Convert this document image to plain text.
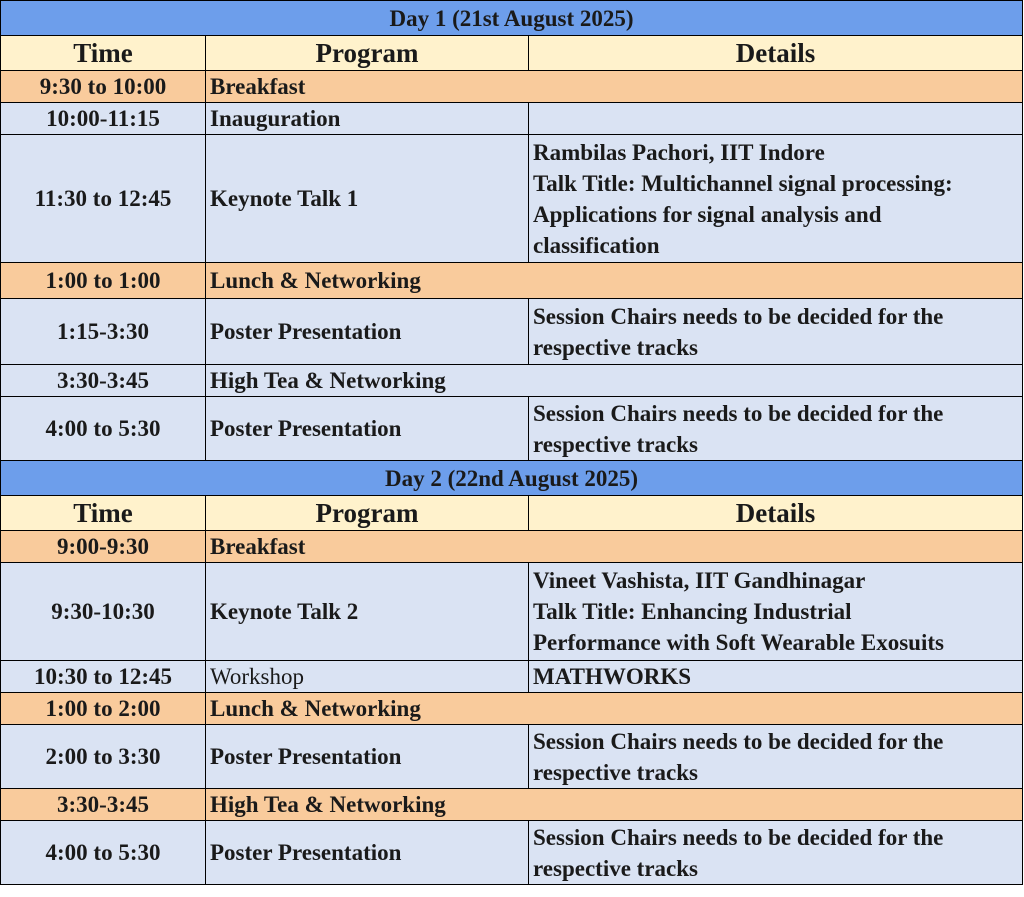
Day 1 (21st August 2025)		
Time	Program	Details
9:30 to 10:00	Breakfast	
10:00-11:15	Inauguration	
11:30 to 12:45	Keynote Talk 1	Rambilas Pachori, IIT Indore
Talk Title: Multichannel signal processing:
Applications for signal analysis and
classification

1:00 to 1:00	Lunch & Networking	
1:15-3:30	Poster Presentation	Session Chairs needs to be decided for the
respective tracks

3:30-3:45	High Tea & Networking	
4:00 to 5:30	Poster Presentation	Session Chairs needs to be decided for the
respective tracks

Day 2 (22nd August 2025)		
Time	Program	Details
9:00-9:30	Breakfast	
9:30-10:30	Keynote Talk 2	Vineet Vashista, IIT Gandhinagar
Talk Title: Enhancing Industrial
Performance with Soft Wearable Exosuits

10:30 to 12:45	Workshop	MATHWORKS
1:00 to 2:00	Lunch & Networking	
2:00 to 3:30	Poster Presentation	Session Chairs needs to be decided for the
respective tracks

3:30-3:45	High Tea & Networking	
4:00 to 5:30	Poster Presentation	Session Chairs needs to be decided for the
respective tracks
